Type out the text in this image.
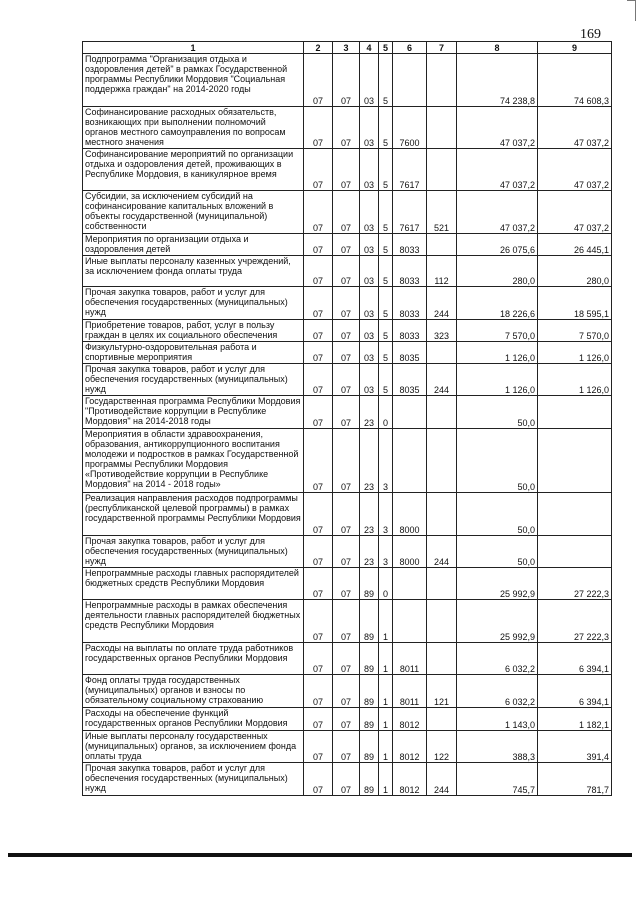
169
1	2	3	4	5	6	7	8	9
Подпрограмма "Организация отдыха и оздоровления детей" в рамках Государственной программы Республики Мордовия "Социальная поддержка граждан" на 2014-2020 годы	07	07	03	5			74 238,8	74 608,3
Софинансирование расходных обязательств, возникающих при выполнении полномочий органов местного самоуправления по вопросам местного значения	07	07	03	5	7600		47 037,2	47 037,2
Софинансирование мероприятий по организации отдыха и оздоровления детей, проживающих в Республике Мордовия, в каникулярное время	07	07	03	5	7617		47 037,2	47 037,2
Субсидии, за исключением субсидий на софинансирование капитальных вложений в объекты государственной (муниципальной) собственности	07	07	03	5	7617	521	47 037,2	47 037,2
Мероприятия по организации отдыха и оздоровления детей	07	07	03	5	8033		26 075,6	26 445,1
Иные выплаты персоналу казенных учреждений, за исключением фонда оплаты труда	07	07	03	5	8033	112	280,0	280,0
Прочая закупка товаров, работ и услуг для обеспечения государственных (муниципальных) нужд	07	07	03	5	8033	244	18 226,6	18 595,1
Приобретение товаров, работ, услуг в пользу граждан в целях их социального обеспечения	07	07	03	5	8033	323	7 570,0	7 570,0
Физкультурно-оздоровительная работа и спортивные мероприятия	07	07	03	5	8035		1 126,0	1 126,0
Прочая закупка товаров, работ и услуг для обеспечения государственных (муниципальных) нужд	07	07	03	5	8035	244	1 126,0	1 126,0
Государственная программа Республики Мордовия "Противодействие коррупции в Республике Мордовия" на 2014-2018 годы	07	07	23	0			50,0	
Мероприятия в области здравоохранения, образования, антикоррупционного воспитания молодежи и подростков в рамках Государственной программы Республики Мордовия «Противодействие коррупции в Республике Мордовия" на 2014 - 2018 годы»	07	07	23	3			50,0	
Реализация направления расходов подпрограммы (республиканской целевой программы) в рамках государственной программы Республики Мордовия	07	07	23	3	8000		50,0	
Прочая закупка товаров, работ и услуг для обеспечения государственных (муниципальных) нужд	07	07	23	3	8000	244	50,0	
Непрограммные расходы главных распорядителей бюджетных средств Республики Мордовия	07	07	89	0			25 992,9	27 222,3
Непрограммные расходы в рамках обеспечения деятельности главных распорядителей бюджетных средств Республики Мордовия	07	07	89	1			25 992,9	27 222,3
Расходы на выплаты по оплате труда работников государственных органов Республики Мордовия	07	07	89	1	8011		6 032,2	6 394,1
Фонд оплаты труда государственных (муниципальных) органов и взносы по обязательному социальному страхованию	07	07	89	1	8011	121	6 032,2	6 394,1
Расходы на обеспечение функций государственных органов Республики Мордовия	07	07	89	1	8012		1 143,0	1 182,1
Иные выплаты персоналу государственных (муниципальных) органов, за исключением фонда оплаты труда	07	07	89	1	8012	122	388,3	391,4
Прочая закупка товаров, работ и услуг для обеспечения государственных (муниципальных) нужд	07	07	89	1	8012	244	745,7	781,7
